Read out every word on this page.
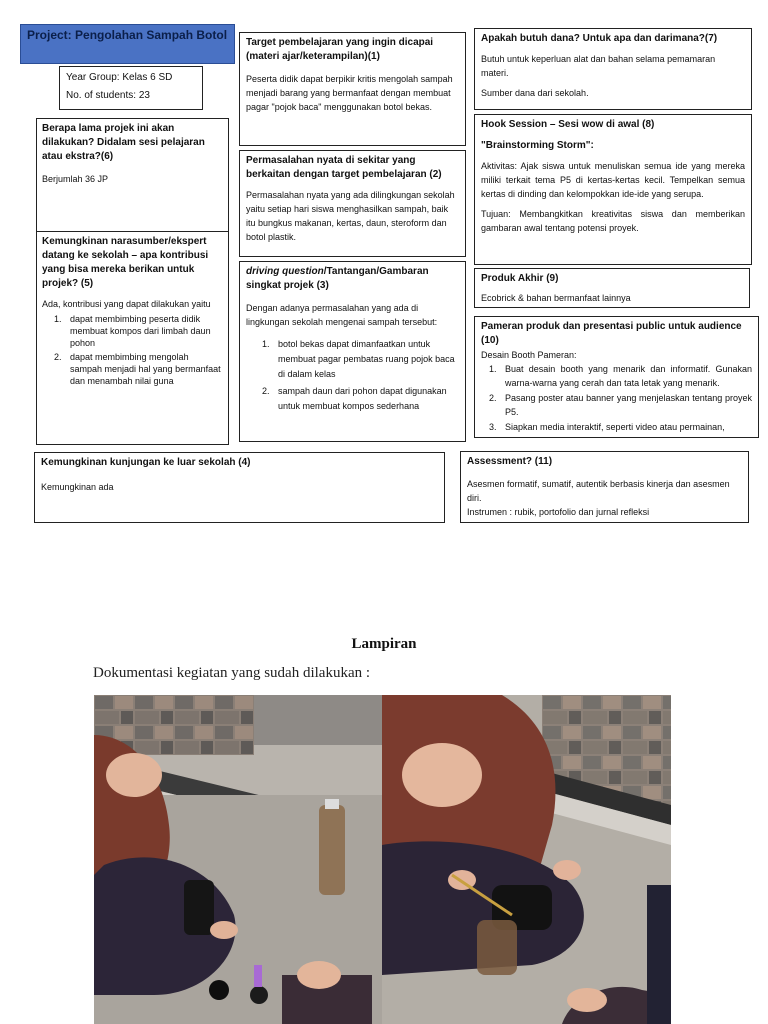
Project: Pengolahan Sampah Botol
Year Group: Kelas 6 SD
No. of students: 23
Berapa lama projek ini akan dilakukan? Didalam sesi pelajaran atau ekstra?(6)
Berjumlah 36 JP
Kemungkinan narasumber/ekspert datang ke sekolah – apa kontribusi yang bisa mereka berikan untuk projek? (5)
Ada, kontribusi yang dapat dilakukan yaitu
1. dapat membimbing peserta didik membuat kompos dari limbah daun pohon
2. dapat membimbing mengolah sampah menjadi hal yang bermanfaat dan menambah nilai guna
Target pembelajaran yang ingin dicapai (materi ajar/keterampilan)(1)
Peserta didik dapat berpikir kritis mengolah sampah menjadi barang yang bermanfaat dengan membuat pagar "pojok baca" menggunakan botol bekas.
Permasalahan nyata di sekitar yang berkaitan dengan target pembelajaran (2)
Permasalahan nyata yang ada dilingkungan sekolah yaitu setiap hari siswa menghasilkan sampah, baik itu bungkus makanan, kertas, daun, steroform dan botol plastik.
driving question/Tantangan/Gambaran singkat projek (3)
Dengan adanya permasalahan yang ada di lingkungan sekolah mengenai sampah tersebut:
1. botol bekas dapat dimanfaatkan untuk membuat pagar pembatas ruang pojok baca di dalam kelas
2. sampah daun dari pohon dapat digunakan untuk membuat kompos sederhana
Apakah butuh dana? Untuk apa dan darimana?(7)
Butuh untuk keperluan alat dan bahan selama pemamaran materi.
Sumber dana dari sekolah.
Hook Session – Sesi wow di awal (8)
"Brainstorming Storm":
Aktivitas: Ajak siswa untuk menuliskan semua ide yang mereka miliki terkait tema P5 di kertas-kertas kecil. Tempelkan semua kertas di dinding dan kelompokkan ide-ide yang serupa.
Tujuan: Membangkitkan kreativitas siswa dan memberikan gambaran awal tentang potensi proyek.
Produk Akhir (9)
Ecobrick & bahan bermanfaat lainnya
Pameran produk dan presentasi public untuk audience (10)
Desain Booth Pameran:
1. Buat desain booth yang menarik dan informatif. Gunakan warna-warna yang cerah dan tata letak yang menarik.
2. Pasang poster atau banner yang menjelaskan tentang proyek P5.
3. Siapkan media interaktif, seperti video atau permainan,
Kemungkinan kunjungan ke luar sekolah (4)
Kemungkinan ada
Assessment? (11)
Asesmen formatif, sumatif, autentik berbasis kinerja dan asesmen diri.
Instrumen : rubik, portofolio dan jurnal refleksi
Lampiran
Dokumentasi kegiatan yang sudah dilakukan :
